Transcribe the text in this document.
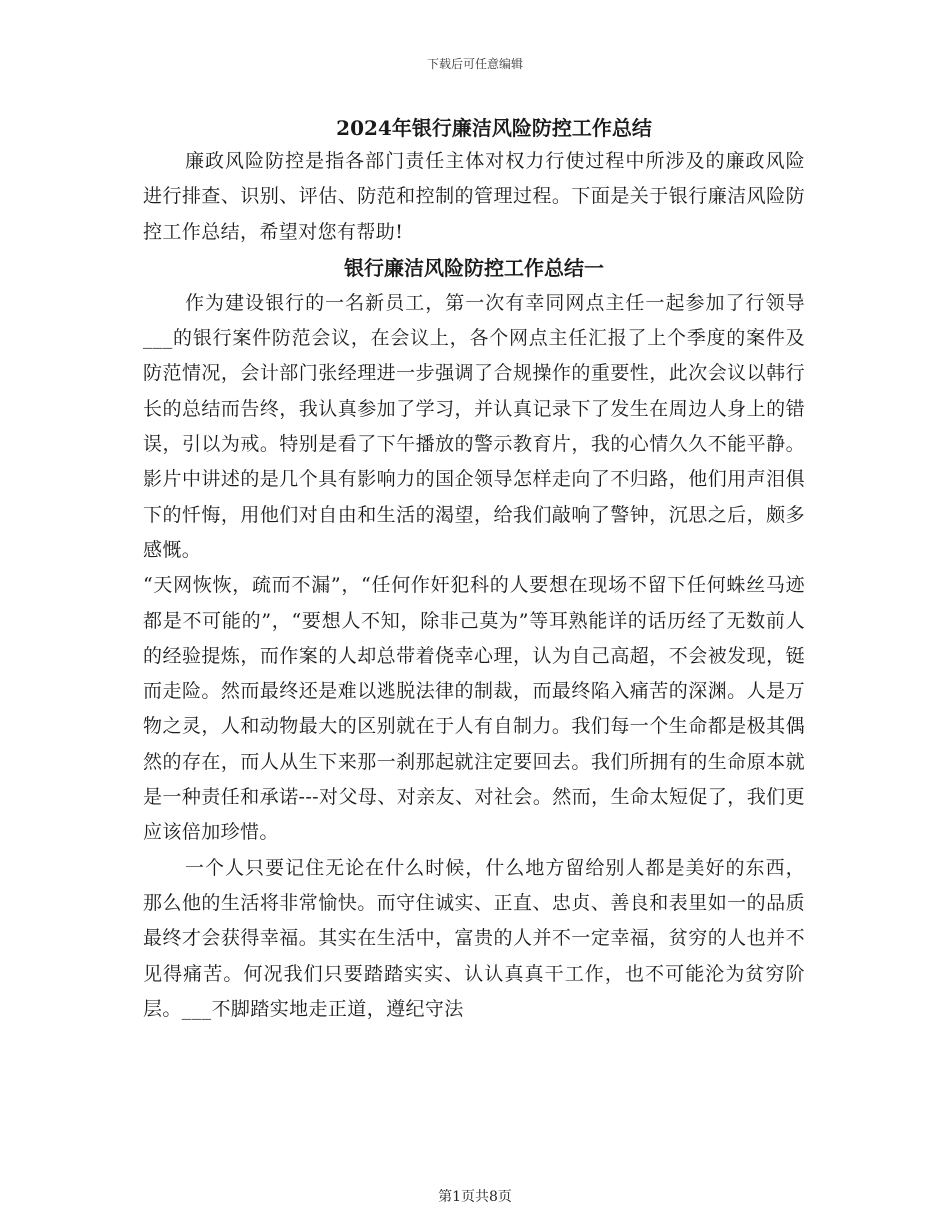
下载后可任意编辑
2024年银行廉洁风险防控工作总结

廉政风险防控是指各部门责任主体对权力行使过程中所涉及的廉政风险进行排查、识别、评估、防范和控制的管理过程。下面是关于银行廉洁风险防控工作总结，希望对您有帮助!

银行廉洁风险防控工作总结一

作为建设银行的一名新员工，第一次有幸同网点主任一起参加了行领导___的银行案件防范会议，在会议上，各个网点主任汇报了上个季度的案件及防范情况，会计部门张经理进一步强调了合规操作的重要性，此次会议以韩行长的总结而告终，我认真参加了学习，并认真记录下了发生在周边人身上的错误，引以为戒。特别是看了下午播放的警示教育片，我的心情久久不能平静。影片中讲述的是几个具有影响力的国企领导怎样走向了不归路，他们用声泪俱下的忏悔，用他们对自由和生活的渴望，给我们敲响了警钟，沉思之后，颇多感慨。

“天网恢恢，疏而不漏”，“任何作奸犯科的人要想在现场不留下任何蛛丝马迹都是不可能的”，“要想人不知，除非己莫为”等耳熟能详的话历经了无数前人的经验提炼，而作案的人却总带着侥幸心理，认为自己高超，不会被发现，铤而走险。然而最终还是难以逃脱法律的制裁，而最终陷入痛苦的深渊。人是万物之灵，人和动物最大的区别就在于人有自制力。我们每一个生命都是极其偶然的存在，而人从生下来那一刹那起就注定要回去。我们所拥有的生命原本就是一种责任和承诺---对父母、对亲友、对社会。然而，生命太短促了，我们更应该倍加珍惜。

一个人只要记住无论在什么时候，什么地方留给别人都是美好的东西，那么他的生活将非常愉快。而守住诚实、正直、忠贞、善良和表里如一的品质最终才会获得幸福。其实在生活中，富贵的人并不一定幸福，贫穷的人也并不见得痛苦。何况我们只要踏踏实实、认认真真干工作，也不可能沦为贫穷阶层。___不脚踏实地走正道，遵纪守法

第1页共8页
